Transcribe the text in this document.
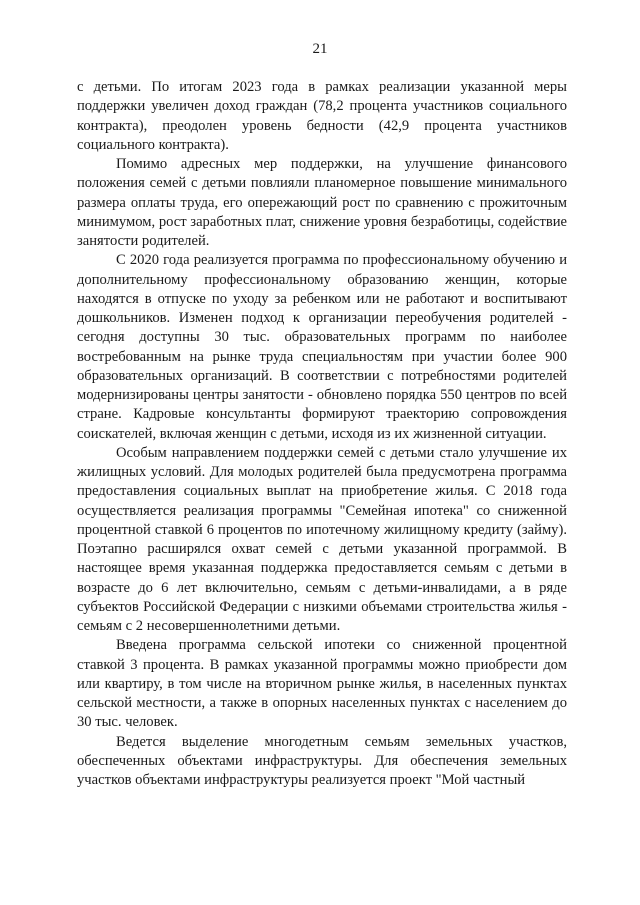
21

с детьми. По итогам 2023 года в рамках реализации указанной меры поддержки увеличен доход граждан (78,2 процента участников социального контракта), преодолен уровень бедности (42,9 процента участников социального контракта).

Помимо адресных мер поддержки, на улучшение финансового положения семей с детьми повлияли планомерное повышение минимального размера оплаты труда, его опережающий рост по сравнению с прожиточным минимумом, рост заработных плат, снижение уровня безработицы, содействие занятости родителей.

С 2020 года реализуется программа по профессиональному обучению и дополнительному профессиональному образованию женщин, которые находятся в отпуске по уходу за ребенком или не работают и воспитывают дошкольников. Изменен подход к организации переобучения родителей - сегодня доступны 30 тыс. образовательных программ по наиболее востребованным на рынке труда специальностям при участии более 900 образовательных организаций. В соответствии с потребностями родителей модернизированы центры занятости - обновлено порядка 550 центров по всей стране. Кадровые консультанты формируют траекторию сопровождения соискателей, включая женщин с детьми, исходя из их жизненной ситуации.

Особым направлением поддержки семей с детьми стало улучшение их жилищных условий. Для молодых родителей была предусмотрена программа предоставления социальных выплат на приобретение жилья. С 2018 года осуществляется реализация программы "Семейная ипотека" со сниженной процентной ставкой 6 процентов по ипотечному жилищному кредиту (займу). Поэтапно расширялся охват семей с детьми указанной программой. В настоящее время указанная поддержка предоставляется семьям с детьми в возрасте до 6 лет включительно, семьям с детьми-инвалидами, а в ряде субъектов Российской Федерации с низкими объемами строительства жилья - семьям с 2 несовершеннолетними детьми.

Введена программа сельской ипотеки со сниженной процентной ставкой 3 процента. В рамках указанной программы можно приобрести дом или квартиру, в том числе на вторичном рынке жилья, в населенных пунктах сельской местности, а также в опорных населенных пунктах с населением до 30 тыс. человек.

Ведется выделение многодетным семьям земельных участков, обеспеченных объектами инфраструктуры. Для обеспечения земельных участков объектами инфраструктуры реализуется проект "Мой частный
